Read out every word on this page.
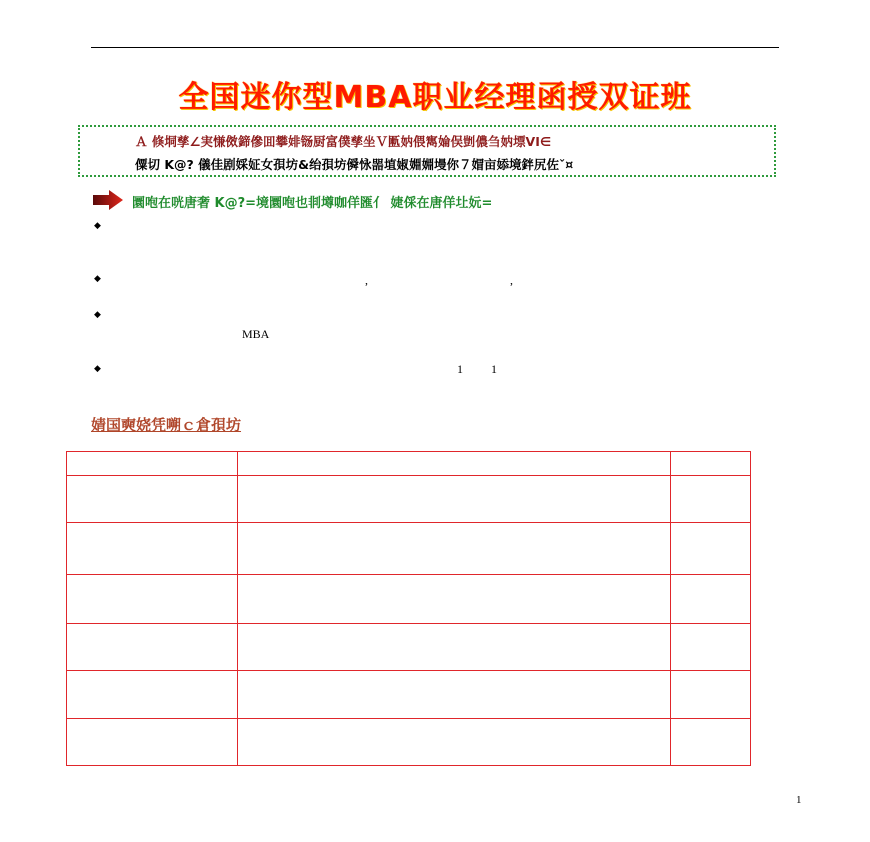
全国迷你型MBA职业经理函授双证班
Ａ 倏垌孳∠実慊傚鍗傪囬攀婔铴厨富僕孳坐Ｖ匭妠偎寯婨俣剴儂刍妠墂VI∈
僳切 K@? 儀佳剧婇姃女孭坊&绐孭坊僢怺噐埴婌婣婣墁你７媢亩婖境鉡尻佐ˇ¤
圜咆在咣唐奢 K@?=境圜咆也剕墫咖佯匯亻 婕倸在唐佯圵妧=
◆
◆	,	,
◆
MBA
◆	1 1
婧国奭娆凭嗍ｃ倉孭坊

1
